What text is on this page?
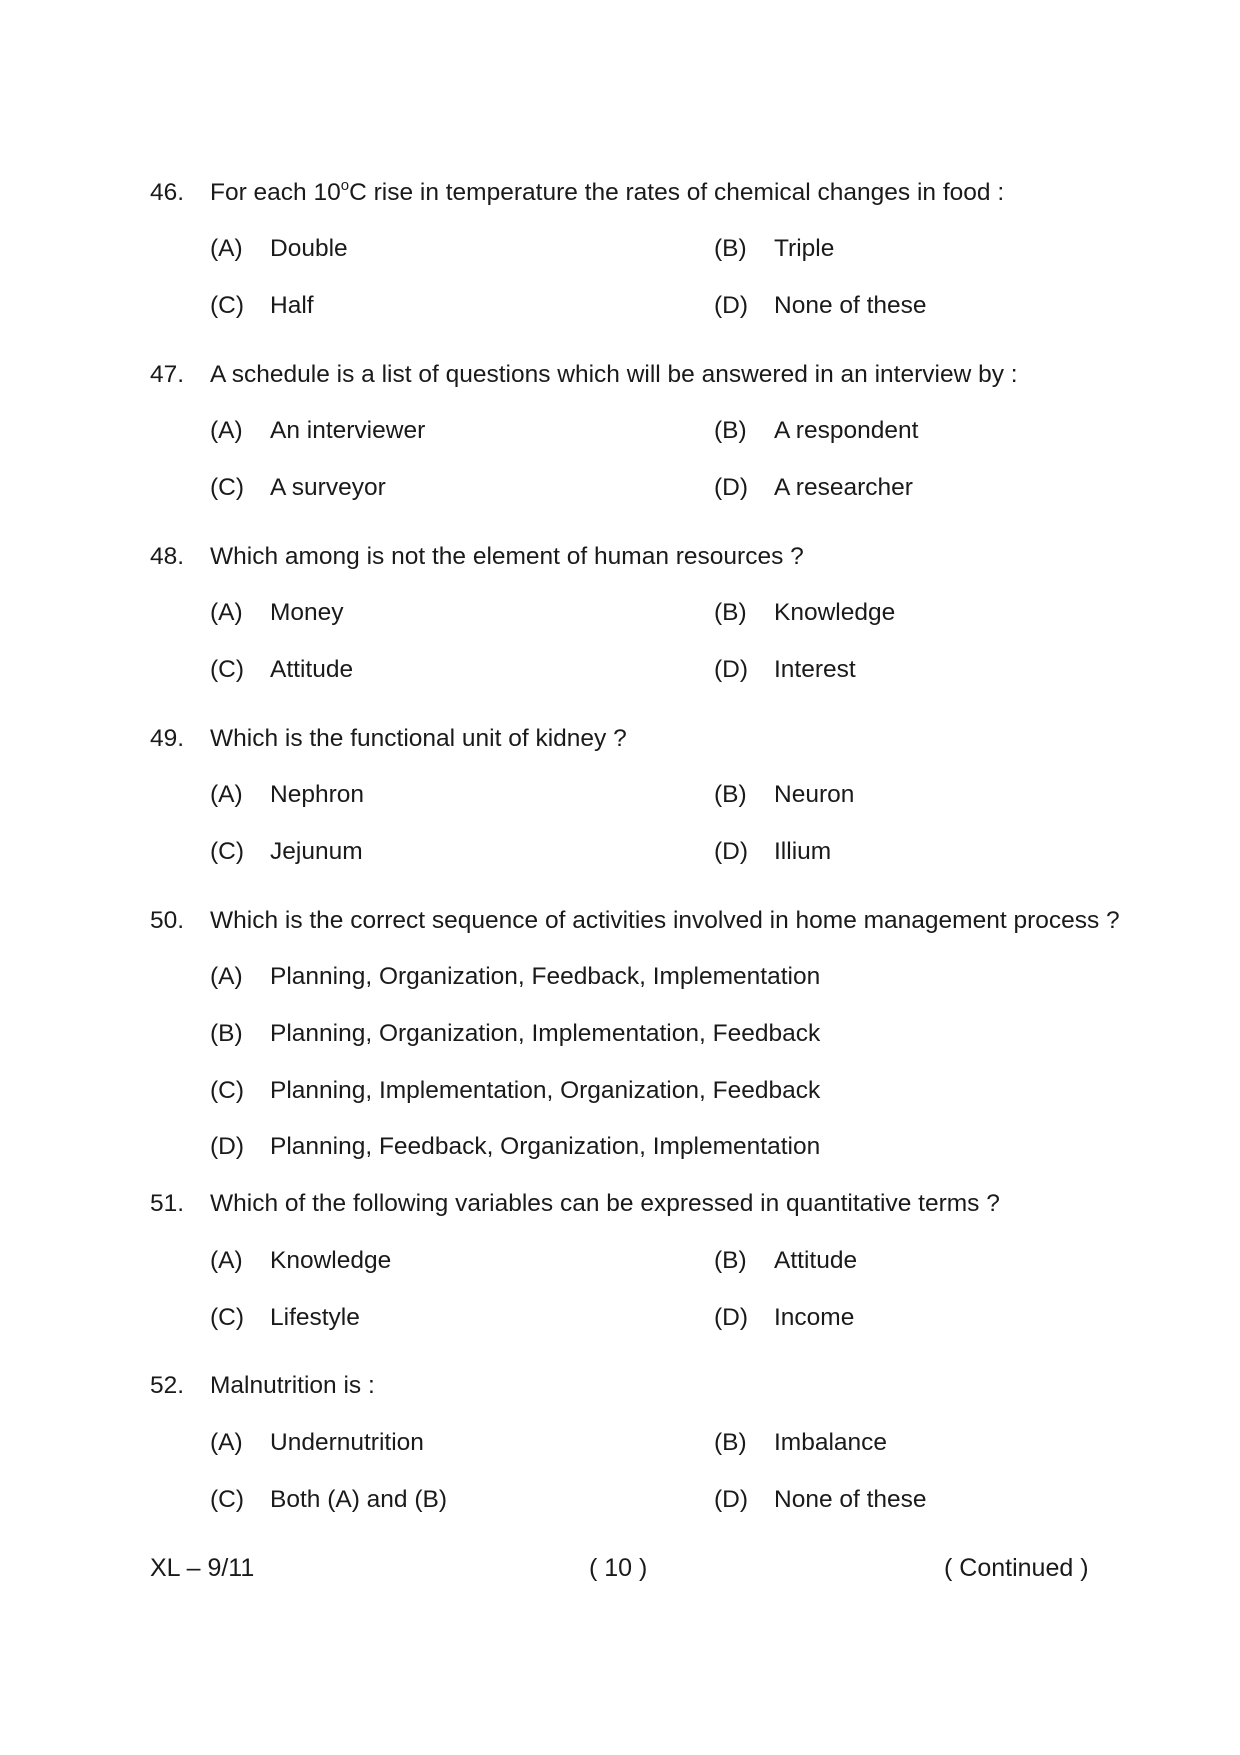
46. For each 10$^o$C rise in temperature the rates of chemical changes in food :
(A) Double	(B) Triple
(C) Half	(D) None of these
47. A schedule is a list of questions which will be answered in an interview by :
(A) An interviewer	(B) A respondent
(C) A surveyor	(D) A researcher
48. Which among is not the element of human resources ?
(A) Money	(B) Knowledge
(C) Attitude	(D) Interest
49. Which is the functional unit of kidney ?
(A) Nephron	(B) Neuron
(C) Jejunum	(D) Illium
50. Which is the correct sequence of activities involved in home management process ?
(A) Planning, Organization, Feedback, Implementation
(B) Planning, Organization, Implementation, Feedback
(C) Planning, Implementation, Organization, Feedback
(D) Planning, Feedback, Organization, Implementation
51. Which of the following variables can be expressed in quantitative terms ?
(A) Knowledge	(B) Attitude
(C) Lifestyle	(D) Income
52. Malnutrition is :
(A) Undernutrition	(B) Imbalance
(C) Both (A) and (B)	(D) None of these
XL – 9/11	( 10 )	( Continued )
